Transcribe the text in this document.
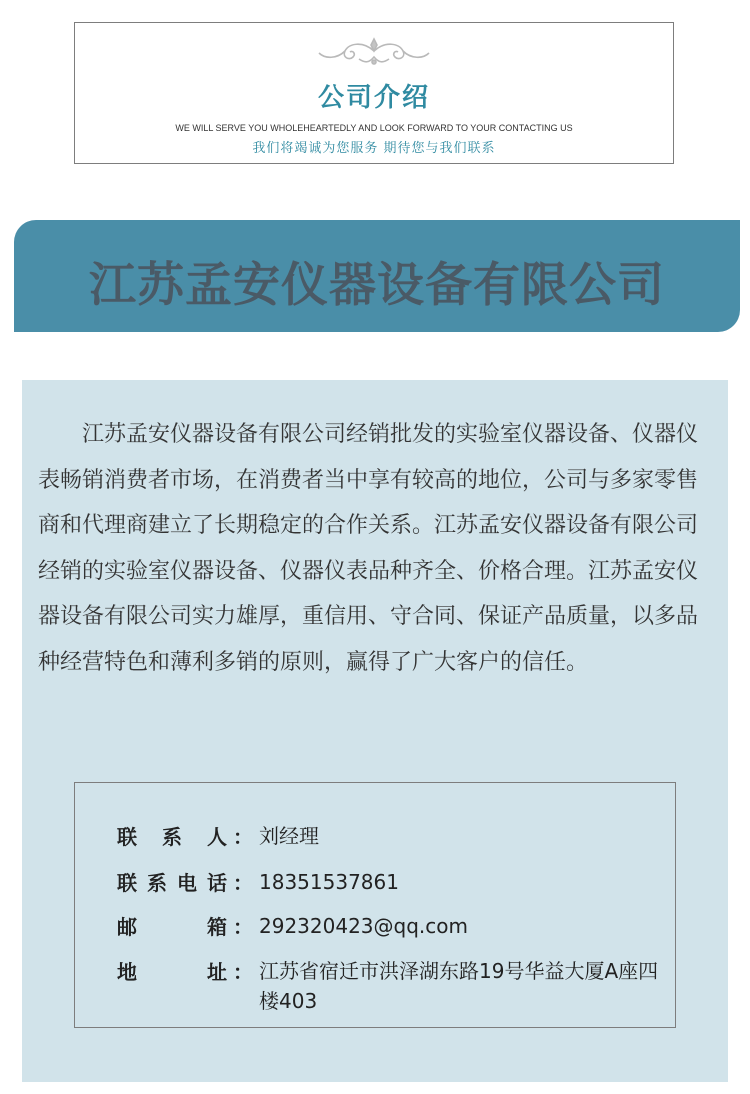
公司介绍
WE WILL SERVE YOU WHOLEHEARTEDLY AND LOOK FORWARD TO YOUR CONTACTING US
我们将竭诚为您服务 期待您与我们联系
江苏孟安仪器设备有限公司

江苏孟安仪器设备有限公司经销批发的实验室仪器设备、仪器仪表畅销消费者市场，在消费者当中享有较高的地位，公司与多家零售商和代理商建立了长期稳定的合作关系。江苏孟安仪器设备有限公司经销的实验室仪器设备、仪器仪表品种齐全、价格合理。江苏孟安仪器设备有限公司实力雄厚，重信用、守合同、保证产品质量，以多品种经营特色和薄利多销的原则，赢得了广大客户的信任。

联系人 ： 刘经理
联系电话 ： 18351537861
邮箱 ： 292320423@qq.com
地址 ： 江苏省宿迁市洪泽湖东路19号华益大厦A座四楼403
